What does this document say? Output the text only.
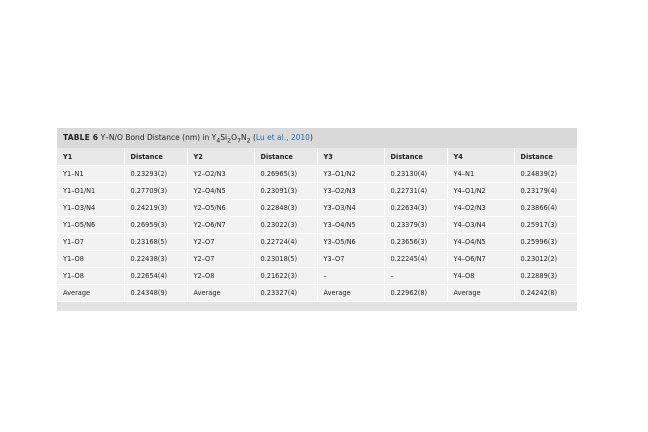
TABLE 6 Y–N/O Bond Distance (nm) in $Y_4Si_2O_7N_2$ (Lu et al., 2010)
Y1	Distance	Y2	Distance	Y3	Distance	Y4	Distance
Y1–N1	0.23293(2)	Y2–O2/N3	0.26965(3)	Y3–O1/N2	0.23130(4)	Y4–N1	0.24839(2)
Y1–O1/N1	0.27709(3)	Y2–O4/N5	0.23091(3)	Y3–O2/N3	0.22731(4)	Y4–O1/N2	0.23179(4)
Y1–O3/N4	0.24219(3)	Y2–O5/N6	0.22848(3)	Y3–O3/N4	0.22634(3)	Y4–O2/N3	0.23866(4)
Y1–O5/N6	0.26959(3)	Y2–O6/N7	0.23022(3)	Y3–O4/N5	0.23379(3)	Y4–O3/N4	0.25917(3)
Y1–O7	0.23168(5)	Y2–O7	0.22724(4)	Y3–O5/N6	0.23656(3)	Y4–O4/N5	0.25996(3)
Y1–O8	0.22438(3)	Y2–O7	0.23018(5)	Y3–O7	0.22245(4)	Y4–O6/N7	0.23012(2)
Y1–O8	0.22654(4)	Y2–O8	0.21622(3)	–	–	Y4–O8	0.22889(3)
Average	0.24348(9)	Average	0.23327(4)	Average	0.22962(8)	Average	0.24242(8)
